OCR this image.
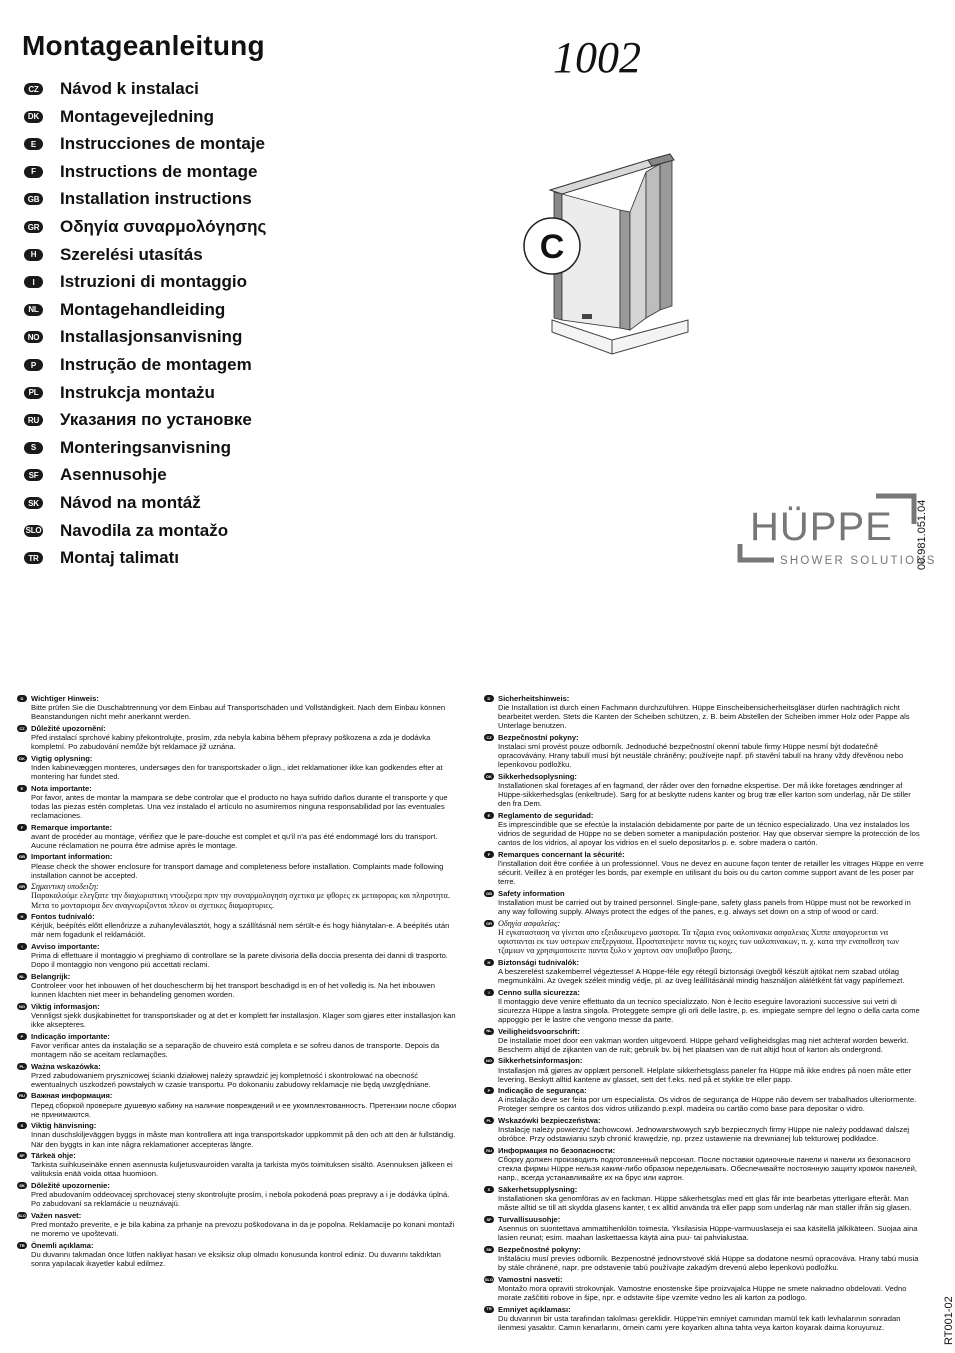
Montageanleitung	1002
CZ Návod k instalaci
DK Montagevejledning
E	Instrucciones de montaje
F	Instructions de montage
GB Installation instructions
GR Οδηγία συναρμολόγησης
H	Szerelési utasítás
I	Istruzioni di montaggio
NL Montagehandleiding
NO Installasjonsanvisning
P	Instrução de montagem
PL Instrukcja montażu
RU Указания по установке
S	Monteringsanvisning
SF Asennusohje
SK Návod na montáž
SLO Navodila za montažo
TR Montaj talimatı
C
HÜPPE
SHOWER SOLUTIONS
00.981.051.04
RT001-02
D Wichtiger Hinweis:
Bitte prüfen Sie die Duschabtrennung vor dem Einbau auf Transportschäden und Vollständigkeit. Nach dem Einbau können Beanstandungen nicht mehr anerkannt werden.
CZ Důležité upozornění:
Před instalací sprchové kabiny překontrolujte, prosím, zda nebyla kabina během přepravy poškozena a zda je dodávka kompletní. Po zabudování nemůže být reklamace již uznána.
DK Vigtig oplysning:
Inden kabinevæggen monteres, undersøges den for transportskader o.lign., idet reklamationer ikke kan godkendes efter at montering har fundet sted.
E	Nota importante:
Por favor, antes de montar la mampara se debe controlar que el producto no haya sufrido daños durante el transporte y que todas las piezas estén completas. Una vez instalado el artículo no asumiremos ninguna responsabilidad por las eventuales reclamaciones.
F	Remarque importante:
avant de procéder au montage, vérifiez que le pare-douche est complet et qu'il n'a pas été endommagé lors du transport. Aucune réclamation ne pourra être admise après le montage.
GB Important information:
Please check the shower enclosure for transport damage and completeness before installation. Complaints made following installation cannot be accepted.
GR Σημαντικη υποδειξη:
Παρακαλούμε ελεγξατε την διαχωριστικη ντουζιερα πριν την συναρμολογηση σχετικα με φθορες εκ μεταφορας και πληροτητα. Μετα το μονταρισμα δεν αναγνωριζονται πλεον οι σχετικες διαμαρτυριες.
H Fontos tudnivaló:
Kérjük, beépítés előtt ellenőrizze a zuhanyleválasztót, hogy a szállításnál nem sérült-e és hogy hiánytalan-e. A beépítés után már nem fogadunk el reklamációt.
I	Avviso importante:
Prima di effettuare il montaggio vi preghiamo di controllare se la parete divisoria della doccia presenta dei danni di trasporto. Dopo il montaggio non vengono più accettati reclami.
NL Belangrijk:
Controleer voor het inbouwen of het douchescherm bij het transport beschadigd is en of het volledig is. Na het inbouwen kunnen klachten niet meer in behandeling genomen worden.
NO Viktig informasjon:
Vennligst sjekk dusjkabinettet for transportskader og at det er komplett før installasjon. Klager som gjøres etter installasjon kan ikke aksepteres.
P	Indicação importante:
Favor verificar antes da instalação se a separação de chuveiro está completa e se sofreu danos de transporte. Depois da montagem não se aceitam reclamações.
PL Ważna wskazówka:
Przed zabudowaniem prysznicowej ścianki działowej należy sprawdzić jej kompletność i skontrolować na obecność ewentualnych uszkodzeń powstałych w czasie transportu. Po dokonaniu zabudowy reklamacje nie będą uwzględniane.
RU Важная информация:
Перед сборкой проверьте душевую кабину на наличие повреждений и ее укомплектованность. Претензии после сборки не принимаются.
S	Viktig hänvisning:
Innan duschskiljeväggen byggs in måste man kontrollera att inga transportskador uppkommit på den och att den är fullständig. När den byggts in kan inte några reklamationer accepteras längre.
SF Tärkeä ohje:
Tarkista suihkuseinäke ennen asennusta kuljetusvauroiden varalta ja tarkista myös toimituksen sisältö. Asennuksen jälkeen ei valituksia enää voida ottaa huomioon.
SK Dôležité upozornenie:
Pred abudovaním oddeovacej sprchovacej steny skontrolujte prosím, i nebola pokodená poas prepravy a i je dodávka úplná. Po zabudovaní sa reklamácie u neuznávajú.
SLO Važen nasvet:
Pred montažo preverite, e je bila kabina za prhanje na prevozu poškodovana in da je popolna. Reklamacije po konani montaži ne moremo ve upoštevati.
TR Önemli açıklama:
Du duvarını takmadan önce lütfen nakliyat hasarı ve eksiksiz olup olmadıı konusunda kontrol ediniz. Du duvarını takdıktan sonra yapılacak ikayetler kabul edilmez.
D Sicherheitshinweis:
Die Installation ist durch einen Fachmann durchzuführen. Hüppe Einscheibensicherheitsgläser dürfen nachträglich nicht bearbeitet werden. Stets die Kanten der Scheiben schützen, z. B. beim Abstellen der Scheiben immer Holz oder Pappe als Unterlage benutzen.
CZ Bezpečnostní pokyny:
Instalaci smí provést pouze odborník. Jednoduché bezpečnostní okenní tabule firmy Hüppe nesmí být dodatečně opracovávány. Hrany tabulí musí být neustále chráněny; používejte např. při stavění tabulí na hrany vždy dřevěnou nebo lepenkovou podložku.
DK Sikkerhedsoplysning:
Installationen skal foretages af en fagmand, der råder over den fornødne ekspertise. Der må ikke foretages ændringer af Hüppe-sikkerhedsglas (enkeltrude). Sørg for at beskytte rudens kanter og brug træ eller karton som underlag, når De stiller den fra Dem.
E	Reglamento de seguridad:
Es imprescindible que se efectúe la instalación debidamente por parte de un técnico especializado. Una vez instalados los vidrios de seguridad de Hüppe no se deben someter a manipulación posterior. Hay que observar siempre la protección de los cantos de los vidrios, al apoyar los vidrios en el suelo depositarlos p. e. sobre madera o cartón.
F	Remarques concernant la sécurité:
l'installation doit être confiée à un professionnel. Vous ne devez en aucune façon tenter de retailler les vitrages Hüppe en verre sécurit. Veillez à en protéger les bords, par exemple en utilisant du bois ou du carton comme support avant de les poser par terre.
GB Safety information
Installation must be carried out by trained personnel. Single-pane, safety glass panels from Hüppe must not be reworked in any way following supply. Always protect the edges of the panes, e.g. always set down on a strip of wood or card.
GR Οδηγία ασφαλείας:
Η εγκατασταση να γίνεται απο εξειδικευμενο μαστορα. Τα τζαμια ενος υαλοπινακα ασφαλειας Χιππε απαγορευεται να υφιστανται εκ των υστερων επεξεργασια. Προστατεψετε παντα τις κοχες των υαλοπινακων, π. χ. κατα την εναποθεση των τζαμιων να χρησιμοποιειτε παντα ξυλο ν χαρτονι σαν υποβαθρο βασης.
H Biztonsági tudnivalók:
A beszerelést szakemberrel végeztesse! A Hüppe-féle egy rétegű biztonsági üvegből készült ajtókat nem szabad utólag megmunkálni. Az üvegek széleit mindig védje, pl. az üveg leállításánál mindig használjon alátétként fát vagy papírlemezt.
I	Cenno sulla sicurezza:
Il montaggio deve venire effettuato da un tecnico specializzato. Non è lecito eseguire lavorazioni successive sui vetri di sicurezza Hüppe a lastra singola. Proteggete sempre gli orli delle lastre, p. es. impiegate sempre del legno o della carta come appoggio per le lastre che vengono messe da parte.
NL Veiligheidsvoorschrift:
De installatie moet door een vakman worden uitgevoerd. Hüppe gehard veiligheidsglas mag niet achteraf worden bewerkt. Bescherm altijd de zijkanten van de ruit; gebruik bv. bij het plaatsen van de ruit altijd hout of karton als ondergrond.
NO Sikkerhetsinformasjon:
Installasjon må gjøres av opplært personell. Helplate sikkerhetsglass paneler fra Hüppe må ikke endres på noen måte etter levering. Beskytt alltid kantene av glasset, sett det f.eks. ned på et stykke tre eller papp.
P	Indicação de segurança:
A instalação deve ser feita por um especialista. Os vidros de segurança de Hüppe não devem ser trabalhados ulteriormente. Proteger sempre os cantos dos vidros utilizando p.expl. madeira ou cartão como base para depositar o vidro.
PL Wskazówki bezpieczeństwa:
Instalację należy powierzyć fachowcowi. Jednowarstwowych szyb bezpiecznych firmy Hüppe nie należy poddawać dalszej obróbce. Przy odstawianiu szyb chronić krawędzie, np. przez ustawienie na drewnianej lub tekturowej podkładce.
RU Информация по безопасности:
Сборку должен производить подготовленный персонал. После поставки одиночные панели и панели из безопасного стекла фирмы Hüppe нельзя каким-либо образом переделывать. Обеспечивайте постоянную защиту кромок панелей, напр., всегда устанавливайте их на брус или картон.
S	Säkerhetsupplysning:
Installationen ska genomföras av en fackman. Hüppe säkerhetsglas med ett glas får inte bearbetas ytterligare efteråt. Man måste alltid se till att skydda glasens kanter, t ex alltid använda trä eller papp som underlag när man ställer ifrån sig glasen.
SF Turvallisuusohje:
Asennus on suoritettava ammattihenkilön toimesta. Yksilasisia Hüppe-varmuuslaseja ei saa käsitellä jälkikäteen. Suojaa aina lasien reunat; esim. maahan laskettaessa käytä aina puu- tai pahvialustaa.
SK Bezpečnostné pokyny:
Inštaláciu musí previes odborník. Bezpenostné jednovrstvové sklá Hüppe sa dodatone nesmú opracováva. Hrany tabú musia by stále chránené, napr. pre odstavenie tabú používajte zakadým drevenú alebo lepenkovú podložku.
SLO Vamostni nasveti:
Montažo mora opraviti strokovnjak. Vamostne enostenske šipe proizvajalca Hüppe ne smete naknadno obdelovati. Vedno morate zaščititi robove in šipe, npr. e odstavite šipe vzemite vedno les ali karton za podlogo.
TR Emniyet açıklaması:
Du duvarının bir usta tarafından takılması gereklidir. Hüppe'nin emniyet camından mamül tek katlı levhalarının sonradan ilenmesi yasaktır. Camın kenarlarını, örnein camı yere koyarken altına tahta veya karton koyarak daima koruyunuz.
